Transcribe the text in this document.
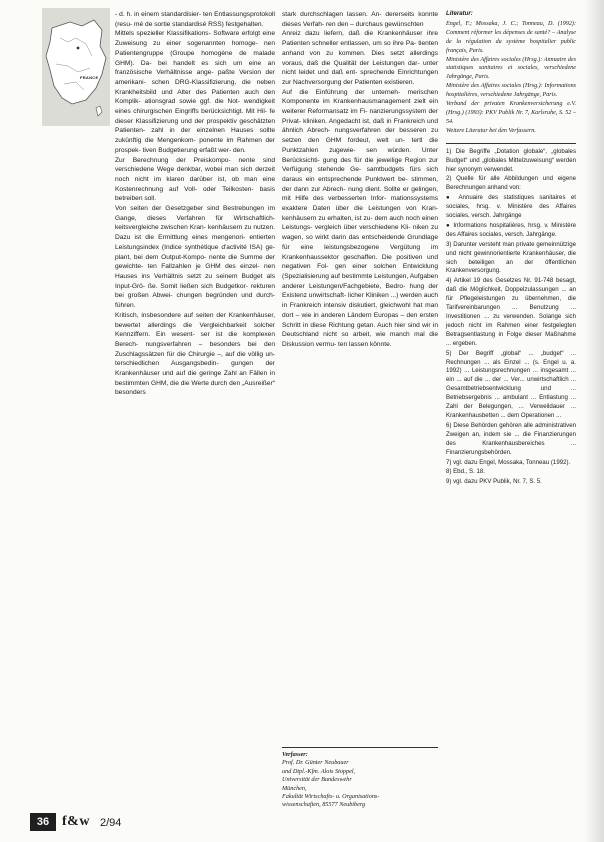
FRANCE

- d. h. in einem standardisier- ten Entlassungsprotokoll (resu- mé de sortie standardisé RSS) festgehalten.

Mittels spezieller Klassifikations- Software erfolgt eine Zuweisung zu einer sogenannten homoge- nen Patientengruppe (Groupe homogène de malade GHM). Da- bei handelt es sich um eine an französische Verhältnisse ange- paßte Version der amerikani- schen DRG-Klassifizierung, die neben Krankheitsbild und Alter des Patienten auch den Komplik- ationsgrad sowie ggf. die Not- wendigkeit eines chirurgischen Eingriffs berücksichtigt. Mit Hil- fe dieser Klassifizierung und der prospektiv geschätzten Patienten- zahl in der einzelnen Hauses sollte zukünftig die Mengenkom- ponente im Rahmen der prospek- tiven Budgetierung erfaßt wer- den.

Zur Berechnung der Preiskompo- nente sind verschiedene Wege denkbar, wobei man sich derzeit noch nicht im klaren darüber ist, ob man eine Kostenrechnung auf Voll- oder Teilkosten- basis betreiben soll.

Von seiten der Gesetzgeber sind Bestrebungen im Gange, dieses Verfahren für Wirtschaftlich- keitsvergleiche zwischen Kran- kenhäusern zu nutzen. Dazu ist die Ermittlung eines mengenori- entierten Leistungsindex (Indice synthétique d'activité ISA) ge- plant, bei dem Output-Kompo- nente die Summe der gewichte- ten Fallzahlen je GHM des einzel- nen Hauses ins Verhältnis setzt zu seinem Budget als Input-Grö- ße. Somit ließen sich Budgetkor- rekturen bei großen Abwei- chungen begründen und durch- führen.

Kritisch, insbesondere auf seiten der Krankenhäuser, bewertet allerdings die Vergleichbarkeit solcher Kennziffern. Ein wesent- ser ist die komplexen Berech- nungsverfahren – besonders bei den Zuschlagssätzen für die Chirurgie –, auf die völlig un- terschiedlichen Ausgangsbedin- gungen der Krankenhäuser und auf die geringe Zahl an Fällen in bestimmten GHM, die die Werte durch den „Ausreißer“ besonders

stark durchschlagen lassen. An- dererseits konnte dieses Verfah- ren den – durchaus gewünschten

Anreiz dazu liefern, daß die Krankenhäuser ihre Patienten schneller entlassen, um so ihre Pa- tienten anhand von zu kommen. Dies setzt allerdings voraus, daß die Qualität der Leistungen dar- unter nicht leidet und daß ent- sprechende Einrichtungen zur Nachversorgung der Patienten existieren.

Auf die Einführung der unterneh- merischen Komponente im Krankenhausmanagement zielt ein weiterer Reformansatz im Fi- nanzierungssystem der Privat- kliniken. Angedacht ist, daß in Frankreich und ähnlich Abrech- nungsverfahren der besseren zu setzen den GHM fordeut, welt un- tertl die Punktzahlen zugewie- sen würden. Unter Berücksichti- gung des für die jeweilige Region zur Verfügung stehende Ge- samtbudgets fürs sich daraus ein entsprechende Punktwert be- stimmen, der dann zur Abrech- nung dient. Sollte er gelingen, mit Hilfe des verbesserten Infor- mationssystems exaktere Daten über die Leistungen von Kran- kenhäusern zu erhalten, ist zu- dem auch noch einen Leistungs- vergleich über verschiedene Kli- niken zu wagen, so wirkt darin das entscheidende Grundlage für eine leistungsbezogene Vergütung im Krankenhaussektor geschaffen. Die positiven und negativen Fol- gen einer solchen Entwicklung (Spezialisierung auf bestimmte Leistungen, Aufgaben anderer Leistungen/Fachgebiete, Bedro- hung der Existenz unwirtschaft- licher Kliniken ...) werden auch in Frankreich intensiv diskutiert, gleichwohl hat man dort – wie in anderen Ländern Europas – den ersten Schritt in diese Richtung getan. Auch hier sind wir in Deutschland nicht so arbeit, wie manch mal die Diskussion vermu- ten lassen könnte.

Verfasser:
Prof. Dr. Günter Neubauer
und Dipl.-Kfm. Alois Stoppel,
Universität der Bundeswehr
München,
Fakultät Wirtschafts- u. Organisations-
wissenschaften, 85577 Neubiberg
Literatur:

Engel, F.; Mossaka, J. C.; Tonneau, D. (1992): Comment réformer les dépenses de santé? – Analyse de la régulation du système hospitalier public français, Paris.

Ministère des Affaires sociales (Hrsg.): Annuaire des statistiques sanitaires et sociales, verschiedene Jahrgänge, Paris.

Ministère des Affaires sociales (Hrsg.): Informations hospitalières, verschiedene Jahrgänge, Paris.

Verband der privaten Krankenversicherung e.V. (Hrsg.) (1993): PKV Publik Nr. 7, Karlsruhe, S. 52 – 54.

Weitere Literatur bei den Verfassern.

1) Die Begriffe „Dotation globale“, „globales Budget“ und „globales Mittelzuweisung“ werden hier synonym verwendet.

2) Quelle für alle Abbildungen und eigene Berechnungen anhand von:

● Annuaire des statistiques sanitaires et sociales, hrsg. v. Ministère des Affaires sociales, versch. Jahrgänge

● Informations hospitalières, hrsg. v. Ministère des Affaires sociales, versch. Jahrgänge.

3) Darunter versteht man private gemeinnützige und nicht gewinnorientierte Krankenhäuser, die sich beteiligen an der öffentlichen Krankenversorgung.

4) Artikel 19 des Gesetzes Nr. 91-748 besagt, daß die Möglichkeit, Doppelzulassungen ... an für Pflegeleistungen zu übernehmen, die Tarifvereinbarungen ... Benutzung ... Investitionen ... zu verwenden. Solange sich jedoch nicht im Rahmen einer festgelegten Betragsentlastung in Folge dieser Maßnahme ... ergeben.

5) Der Begriff „global“ ... „budget“ ... Rechnungen ... als Einzel ... (s. Engel u. a. 1992) ... Leistungsrechnungen ... insgesamt ... ein ... auf die ... der ... Ver... unwirtschaftlich ... Gesamtbetriebsentwicklung und ... Betriebsergebnis ... ambulant ... Entlastung ... Zahl der Belegungen, ... Verweildauer ... Krankenhausbetten ... dem Operationen ...

6) Diese Behörden gehören alle administrativen Zweigen an, indem sie ... die Finanzierungen des Krankenhausbereiches ... Finanzierungsbehörden.

7) vgl. dazu Engel, Mossaka, Tonneau (1992).

8) Ebd., S. 18.

9) vgl. dazu PKV Publik, Nr. 7, S. 5.

36 f&w 2/94
